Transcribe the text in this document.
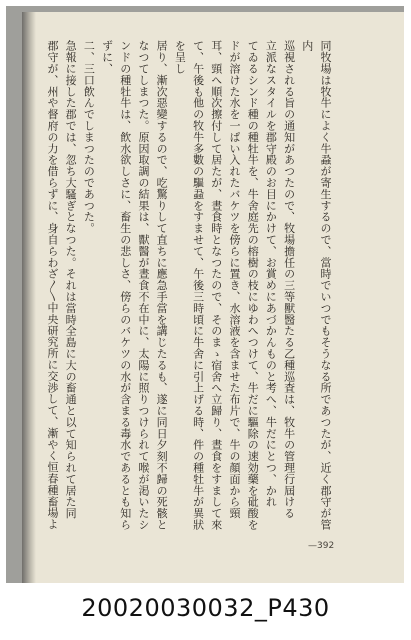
同牧場は牧牛によく牛蝨が寄生するので、當時でいつでもそうなる所であつたが、近く郡守が管内
巡視される旨の通知があつたので、牧場擔任の三等獸醫たる乙種巡査は、牧牛の管理行屆ける
立派なスタイルを郡守殿のお目にかけて、お賞めにあづかんものと考へ、牛だにとつ、かれ
てゐるシンド種の種牡牛を、牛舍庭先の榕樹の枝にゆわへつけて、牛だに驅除の速効藥を砒酸を
ドが溶けた水を一ぱい入れたバケツを傍らに置き、水溶液を含ませた布片で、牛の顏面から頸
耳、頸へ順次擦付して居たが、晝食時となつたので、そのまゝ宿舍へ立歸り、晝食をすまして來
て、午後も他の牧牛多數の驅蝨をすませて、午後三時頃に牛舍に引上げる時、件の種牡牛が異狀を呈し
居り、漸次惡變するので、吃驚りして直ちに應急手當を講じたるも、遂に同日夕刻不歸の死骸と
なつてしまつた。原因取調の結果は、獸醫が晝食不在中に、太陽に照りつけられて喉が渇いたシ
ンドの種牡牛は、飲水欲しさに、畜生の悲しさ、傍らのバケツの水が含まる毒水であるとも知らずに、
二、三口飲んでしまつたのであつた。
急報に接した郡では、忽ち大騷ぎとなつた。それは當時全島に大の畜通と以て知られて居た同
郡守が、州や督府の力を借らずに、身自らわざ〳〵中央研究所に交渉して、漸やく恒春種畜場よ
—392
20020030032_P430
